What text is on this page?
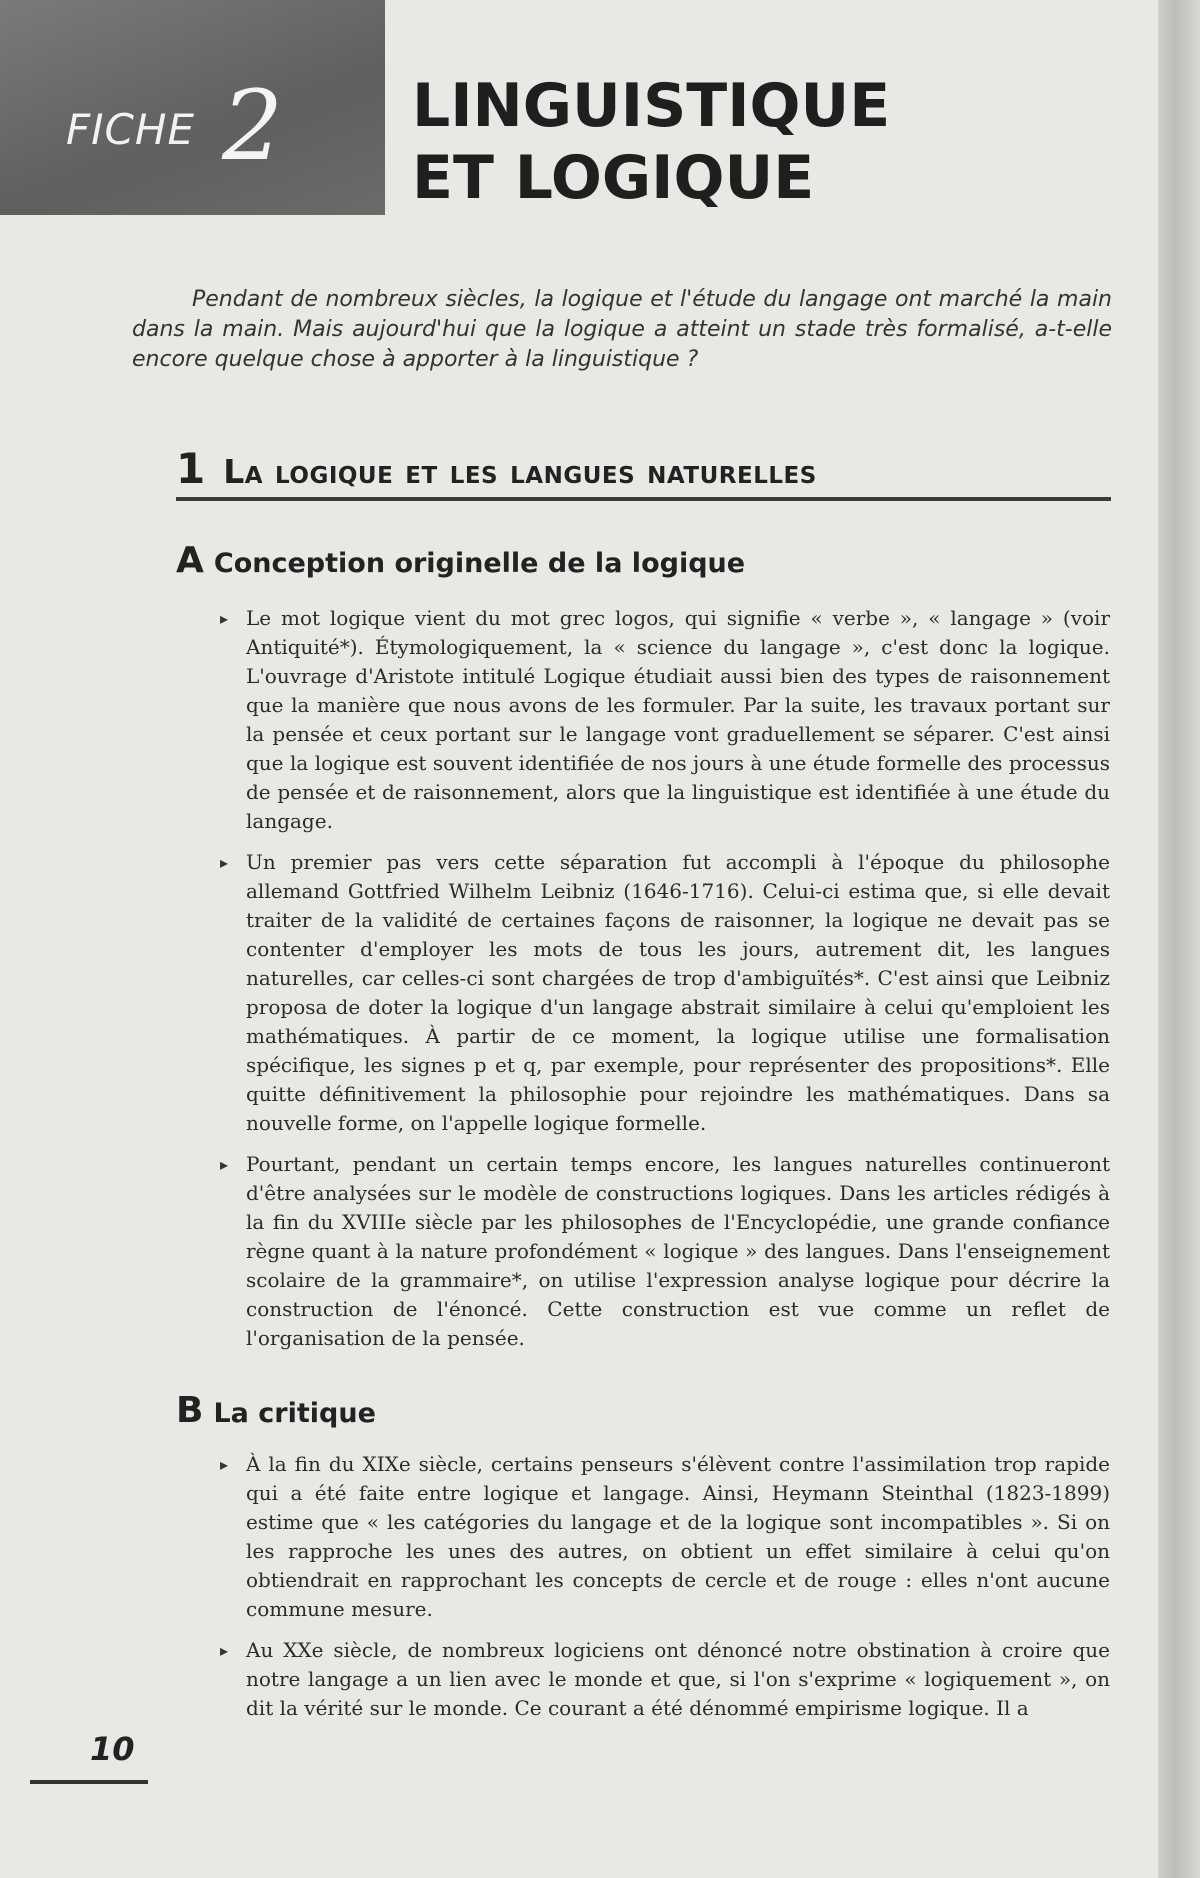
FICHE 2 LINGUISTIQUE
ET LOGIQUE

Pendant de nombreux siècles, la logique et l'étude du langage ont marché la main dans la main. Mais aujourd'hui que la logique a atteint un stade très formalisé, a-t-elle encore quelque chose à apporter à la linguistique ?

1 La logique et les langues naturelles
A Conception originelle de la logique

▸ Le mot logique vient du mot grec logos, qui signifie « verbe », « langage » (voir Antiquité*). Étymologiquement, la « science du langage », c'est donc la logique. L'ouvrage d'Aristote intitulé Logique étudiait aussi bien des types de raisonnement que la manière que nous avons de les formuler. Par la suite, les travaux portant sur la pensée et ceux portant sur le langage vont graduellement se séparer. C'est ainsi que la logique est souvent identifiée de nos jours à une étude formelle des processus de pensée et de raisonnement, alors que la linguistique est identifiée à une étude du langage.

▸ Un premier pas vers cette séparation fut accompli à l'époque du philosophe allemand Gottfried Wilhelm Leibniz (1646-1716). Celui-ci estima que, si elle devait traiter de la validité de certaines façons de raisonner, la logique ne devait pas se contenter d'employer les mots de tous les jours, autrement dit, les langues naturelles, car celles-ci sont chargées de trop d'ambiguïtés*. C'est ainsi que Leibniz proposa de doter la logique d'un langage abstrait similaire à celui qu'emploient les mathématiques. À partir de ce moment, la logique utilise une formalisation spécifique, les signes p et q, par exemple, pour représenter des propositions*. Elle quitte définitivement la philosophie pour rejoindre les mathématiques. Dans sa nouvelle forme, on l'appelle logique formelle.

▸ Pourtant, pendant un certain temps encore, les langues naturelles continueront d'être analysées sur le modèle de constructions logiques. Dans les articles rédigés à la fin du XVIIIe siècle par les philosophes de l'Encyclopédie, une grande confiance règne quant à la nature profondément « logique » des langues. Dans l'enseignement scolaire de la grammaire*, on utilise l'expression analyse logique pour décrire la construction de l'énoncé. Cette construction est vue comme un reflet de l'organisation de la pensée.

B La critique

▸ À la fin du XIXe siècle, certains penseurs s'élèvent contre l'assimilation trop rapide qui a été faite entre logique et langage. Ainsi, Heymann Steinthal (1823-1899) estime que « les catégories du langage et de la logique sont incompatibles ». Si on les rapproche les unes des autres, on obtient un effet similaire à celui qu'on obtiendrait en rapprochant les concepts de cercle et de rouge : elles n'ont aucune commune mesure.

▸ Au XXe siècle, de nombreux logiciens ont dénoncé notre obstination à croire que notre langage a un lien avec le monde et que, si l'on s'exprime « logiquement », on dit la vérité sur le monde. Ce courant a été dénommé empirisme logique. Il a

10
